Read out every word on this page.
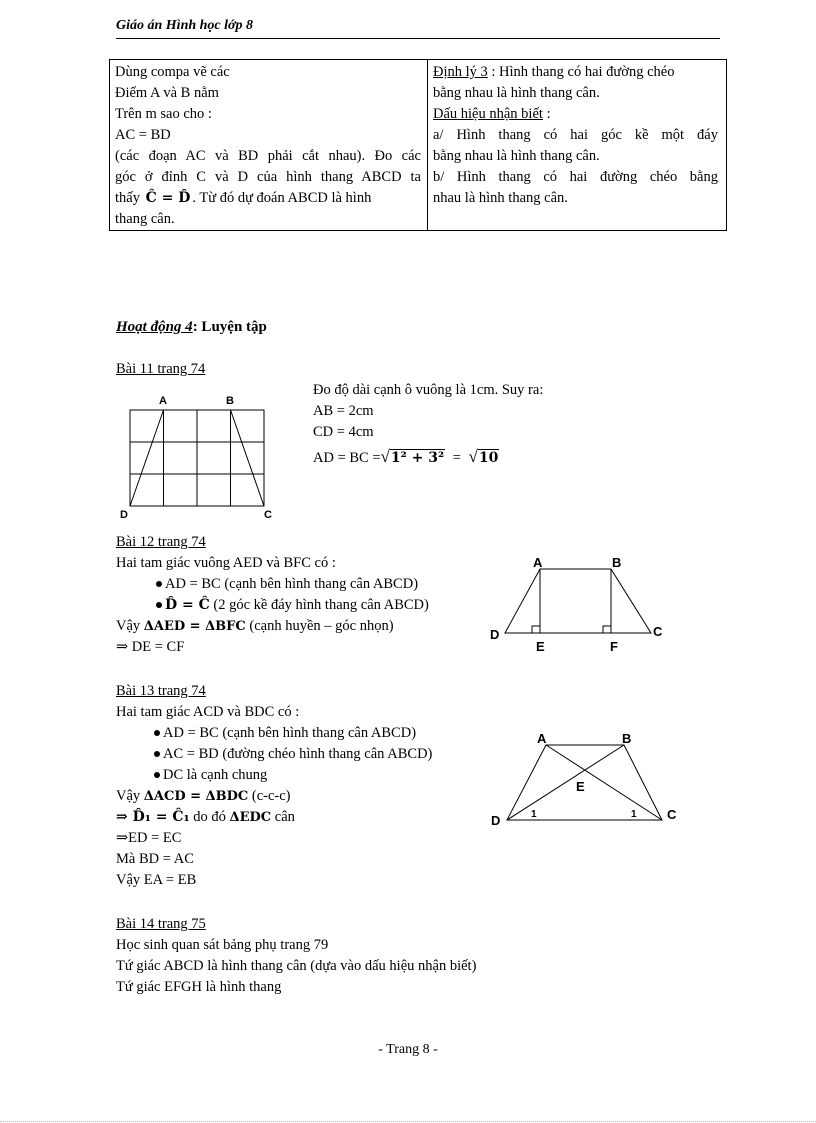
Giáo án Hình học lớp 8
Dùng compa vẽ các
Điểm A và B nằm
Trên m sao cho :
AC = BD
(các đoạn AC và BD phải cắt nhau). Đo các
góc ở đỉnh C và D của hình thang ABCD ta
thấy Ĉ = D̂ . Từ đó dự đoán ABCD là hình
thang cân.
Định lý 3 : Hình thang có hai đường chéo
bằng nhau là hình thang cân.
Dấu hiệu nhận biết :
a/ Hình thang có hai góc kề một đáy
bằng nhau là hình thang cân.
b/ Hình thang có hai đường chéo bằng
nhau là hình thang cân.
Hoạt động 4: Luyện tập
Bài 11 trang 74
A	B
D	C
Đo độ dài cạnh ô vuông là 1cm. Suy ra:
AB = 2cm
CD = 4cm
AD = BC =√1² + 3² = √10
Bài 12 trang 74
Hai tam giác vuông AED và BFC có :
AD = BC (cạnh bên hình thang cân ABCD)
D̂ = Ĉ (2 góc kề đáy hình thang cân ABCD)
Vậy ΔAED = ΔBFC (cạnh huyền – góc nhọn)
⇒ DE = CF
A	B
D	C
E	F
Bài 13 trang 74
Hai tam giác ACD và BDC có :
AD = BC (cạnh bên hình thang cân ABCD)
AC = BD (đường chéo hình thang cân ABCD)
DC là cạnh chung
Vậy ΔACD = ΔBDC (c-c-c)
⇒ D̂₁ = Ĉ₁ do đó ΔEDC cân
⇒ED = EC
Mà BD = AC
Vậy EA = EB
A	B
D	C
E
1	1
Bài 14 trang 75
Học sinh quan sát bảng phụ trang 79
Tứ giác ABCD là hình thang cân (dựa vào dấu hiệu nhận biết)
Tứ giác EFGH là hình thang
- Trang 8 -
